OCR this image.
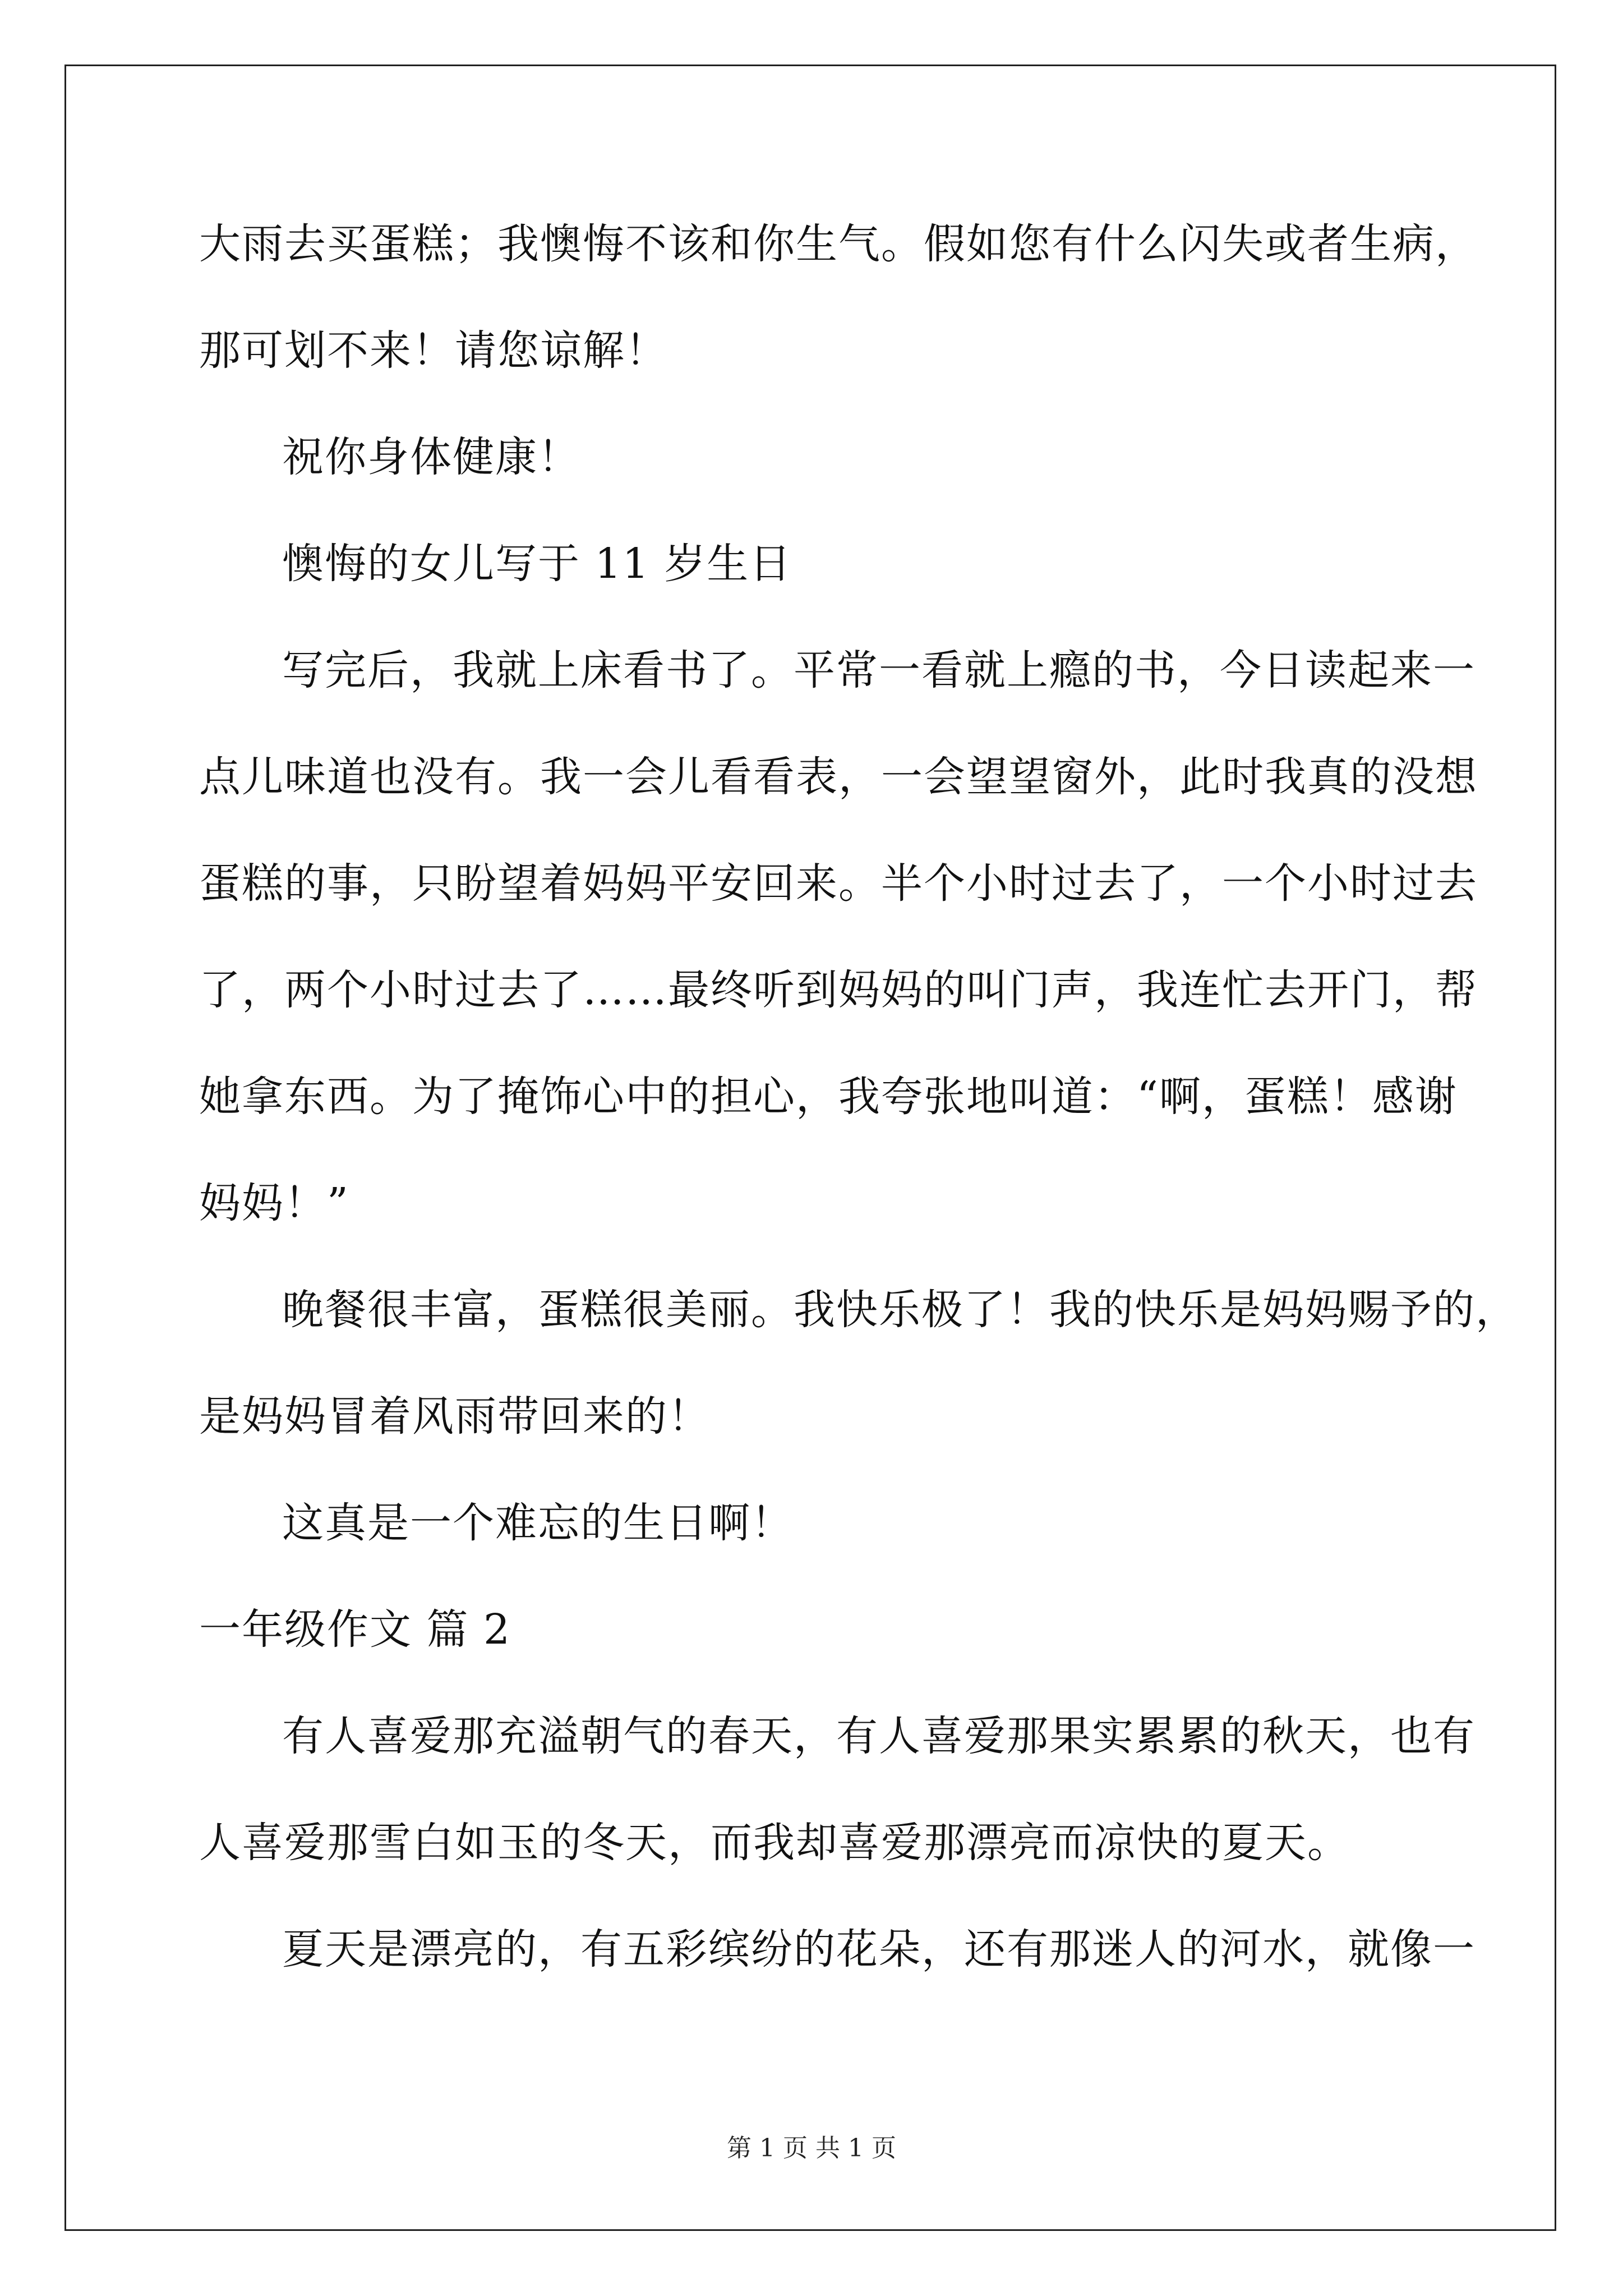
大雨去买蛋糕；我懊悔不该和你生气。假如您有什么闪失或者生病，
那可划不来！请您谅解！
祝你身体健康！
懊悔的女儿写于 11 岁生日
写完后，我就上床看书了。平常一看就上瘾的书，今日读起来一
点儿味道也没有。我一会儿看看表，一会望望窗外，此时我真的没想
蛋糕的事，只盼望着妈妈平安回来。半个小时过去了，一个小时过去
了，两个小时过去了……最终听到妈妈的叫门声，我连忙去开门，帮
她拿东西。为了掩饰心中的担心，我夸张地叫道：“啊，蛋糕！感谢
妈妈！”
晚餐很丰富，蛋糕很美丽。我快乐极了！我的快乐是妈妈赐予的，
是妈妈冒着风雨带回来的！
这真是一个难忘的生日啊！
一年级作文 篇 2
有人喜爱那充溢朝气的春天，有人喜爱那果实累累的秋天，也有
人喜爱那雪白如玉的冬天，而我却喜爱那漂亮而凉快的夏天。
夏天是漂亮的，有五彩缤纷的花朵，还有那迷人的河水，就像一
第 1 页 共 1 页
